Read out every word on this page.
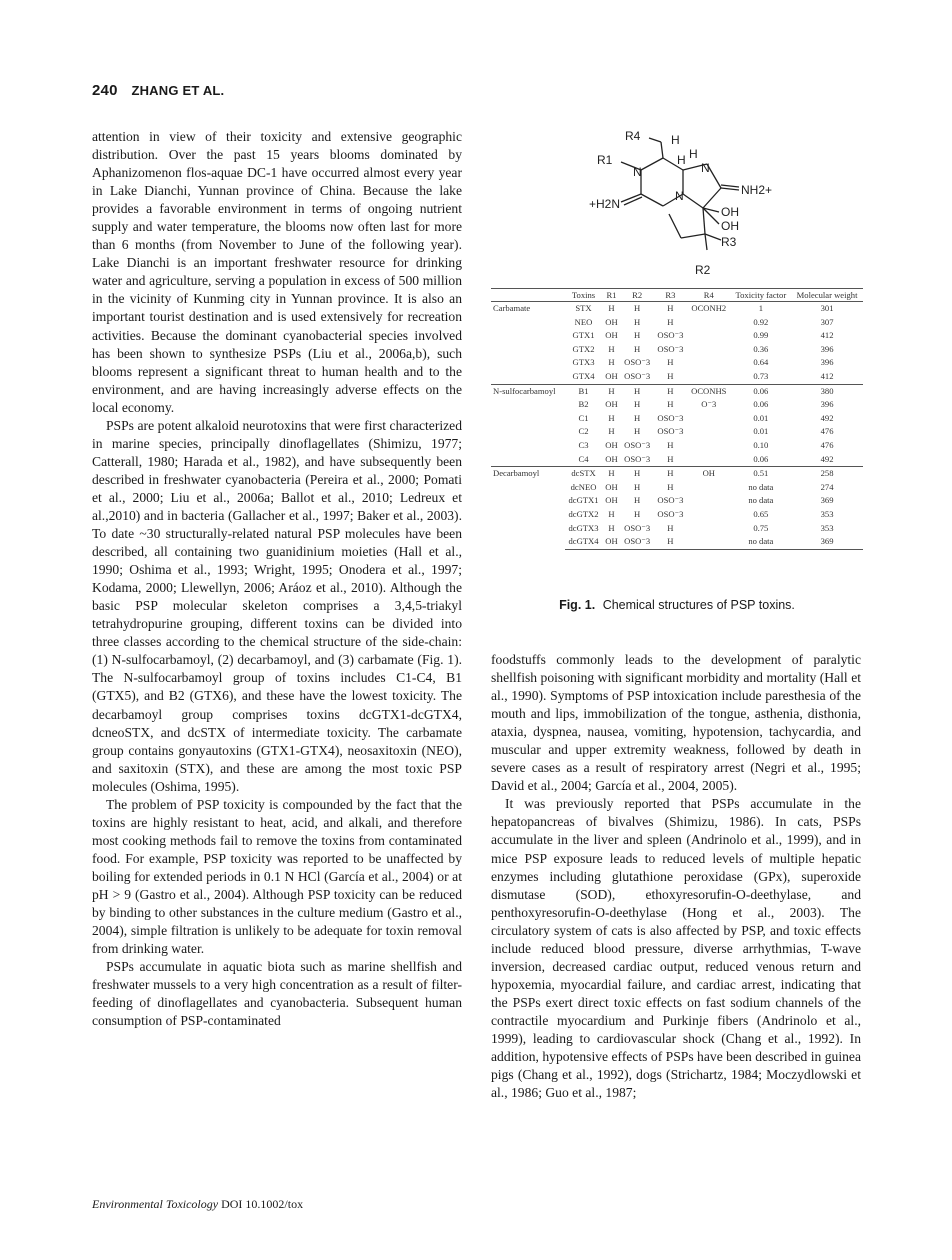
240 ZHANG ET AL.

attention in view of their toxicity and extensive geographic distribution. Over the past 15 years blooms dominated by Aphanizomenon flos-aquae DC-1 have occurred almost every year in Lake Dianchi, Yunnan province of China. Because the lake provides a favorable environment in terms of ongoing nutrient supply and water temperature, the blooms now often last for more than 6 months (from November to June of the following year). Lake Dianchi is an important freshwater resource for drinking water and agriculture, serving a population in excess of 500 million in the vicinity of Kunming city in Yunnan province. It is also an important tourist destination and is used extensively for recreation activities. Because the dominant cyanobacterial species involved has been shown to synthesize PSPs (Liu et al., 2006a,b), such blooms represent a significant threat to human health and to the environment, and are having increasingly adverse effects on the local economy.

PSPs are potent alkaloid neurotoxins that were first characterized in marine species, principally dinoflagellates (Shimizu, 1977; Catterall, 1980; Harada et al., 1982), and have subsequently been described in freshwater cyanobacteria (Pereira et al., 2000; Pomati et al., 2000; Liu et al., 2006a; Ballot et al., 2010; Ledreux et al.,2010) and in bacteria (Gallacher et al., 1997; Baker et al., 2003). To date ~30 structurally-related natural PSP molecules have been described, all containing two guanidinium moieties (Hall et al., 1990; Oshima et al., 1993; Wright, 1995; Onodera et al., 1997; Kodama, 2000; Llewellyn, 2006; Aráoz et al., 2010). Although the basic PSP molecular skeleton comprises a 3,4,5-triakyl tetrahydropurine grouping, different toxins can be divided into three classes according to the chemical structure of the side-chain: (1) N-sulfocarbamoyl, (2) decarbamoyl, and (3) carbamate (Fig. 1). The N-sulfocarbamoyl group of toxins includes C1-C4, B1 (GTX5), and B2 (GTX6), and these have the lowest toxicity. The decarbamoyl group comprises toxins dcGTX1-dcGTX4, dcneoSTX, and dcSTX of intermediate toxicity. The carbamate group contains gonyautoxins (GTX1-GTX4), neosaxitoxin (NEO), and saxitoxin (STX), and these are among the most toxic PSP molecules (Oshima, 1995).

The problem of PSP toxicity is compounded by the fact that the toxins are highly resistant to heat, acid, and alkali, and therefore most cooking methods fail to remove the toxins from contaminated food. For example, PSP toxicity was reported to be unaffected by boiling for extended periods in 0.1 N HCl (García et al., 2004) or at pH > 9 (Gastro et al., 2004). Although PSP toxicity can be reduced by binding to other substances in the culture medium (Gastro et al., 2004), simple filtration is unlikely to be adequate for toxin removal from drinking water.

PSPs accumulate in aquatic biota such as marine shellfish and freshwater mussels to a very high concentration as a result of filter-feeding of dinoflagellates and cyanobacteria. Subsequent human consumption of PSP-contaminated

R4	H
H H
R1
N	N
N	NH2+
+H2N
OH
OH
R3
R2
	Toxins	R1	R2	R3	R4	Toxicity factor	Molecular weight
Carbamate	STX	H	H	H	OCONH2	1	301
	NEO	OH	H	H		0.92	307
	GTX1	OH	H	OSO⁻3		0.99	412
	GTX2	H	H	OSO⁻3		0.36	396
	GTX3	H	OSO⁻3	H		0.64	396
	GTX4	OH	OSO⁻3	H		0.73	412
N-sulfocarbamoyl	B1	H	H	H	OCONHS	0.06	380
	B2	OH	H	H	O⁻3	0.06	396
	C1	H	H	OSO⁻3		0.01	492
	C2	H	H	OSO⁻3		0.01	476
	C3	OH	OSO⁻3	H		0.10	476
	C4	OH	OSO⁻3	H		0.06	492
Decarbamoyl	dcSTX	H	H	H	OH	0.51	258
	dcNEO	OH	H	H		no data	274
	dcGTX1	OH	H	OSO⁻3		no data	369
	dcGTX2	H	H	OSO⁻3		0.65	353
	dcGTX3	H	OSO⁻3	H		0.75	353
	dcGTX4	OH	OSO⁻3	H		no data	369
Fig. 1. Chemical structures of PSP toxins.

foodstuffs commonly leads to the development of paralytic shellfish poisoning with significant morbidity and mortality (Hall et al., 1990). Symptoms of PSP intoxication include paresthesia of the mouth and lips, immobilization of the tongue, asthenia, disthonia, ataxia, dyspnea, nausea, vomiting, hypotension, tachycardia, and muscular and upper extremity weakness, followed by death in severe cases as a result of respiratory arrest (Negri et al., 1995; David et al., 2004; García et al., 2004, 2005).

It was previously reported that PSPs accumulate in the hepatopancreas of bivalves (Shimizu, 1986). In cats, PSPs accumulate in the liver and spleen (Andrinolo et al., 1999), and in mice PSP exposure leads to reduced levels of multiple hepatic enzymes including glutathione peroxidase (GPx), superoxide dismutase (SOD), ethoxyresorufin-O-deethylase, and penthoxyresorufin-O-deethylase (Hong et al., 2003). The circulatory system of cats is also affected by PSP, and toxic effects include reduced blood pressure, diverse arrhythmias, T-wave inversion, decreased cardiac output, reduced venous return and hypoxemia, myocardial failure, and cardiac arrest, indicating that the PSPs exert direct toxic effects on fast sodium channels of the contractile myocardium and Purkinje fibers (Andrinolo et al., 1999), leading to cardiovascular shock (Chang et al., 1992). In addition, hypotensive effects of PSPs have been described in guinea pigs (Chang et al., 1992), dogs (Strichartz, 1984; Moczydlowski et al., 1986; Guo et al., 1987;

Environmental Toxicology DOI 10.1002/tox
